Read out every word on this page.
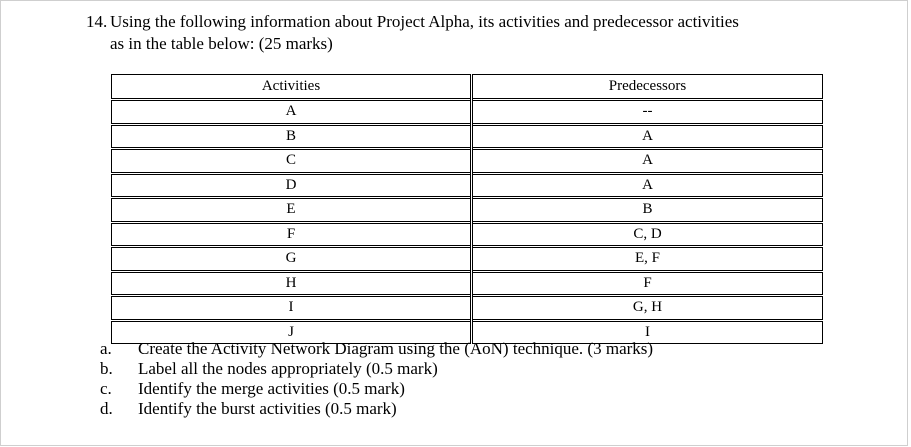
14. Using the following information about Project Alpha, its activities and predecessor activities
as in the table below: (25 marks)
Activities	Predecessors
A	--
B	A
C	A
D	A
E	B
F	C, D
G	E, F
H	F
I	G, H
J	I
a.	Create the Activity Network Diagram using the (AoN) technique. (3 marks)
b.	Label all the nodes appropriately (0.5 mark)
c.	Identify the merge activities (0.5 mark)
d.	Identify the burst activities (0.5 mark)
